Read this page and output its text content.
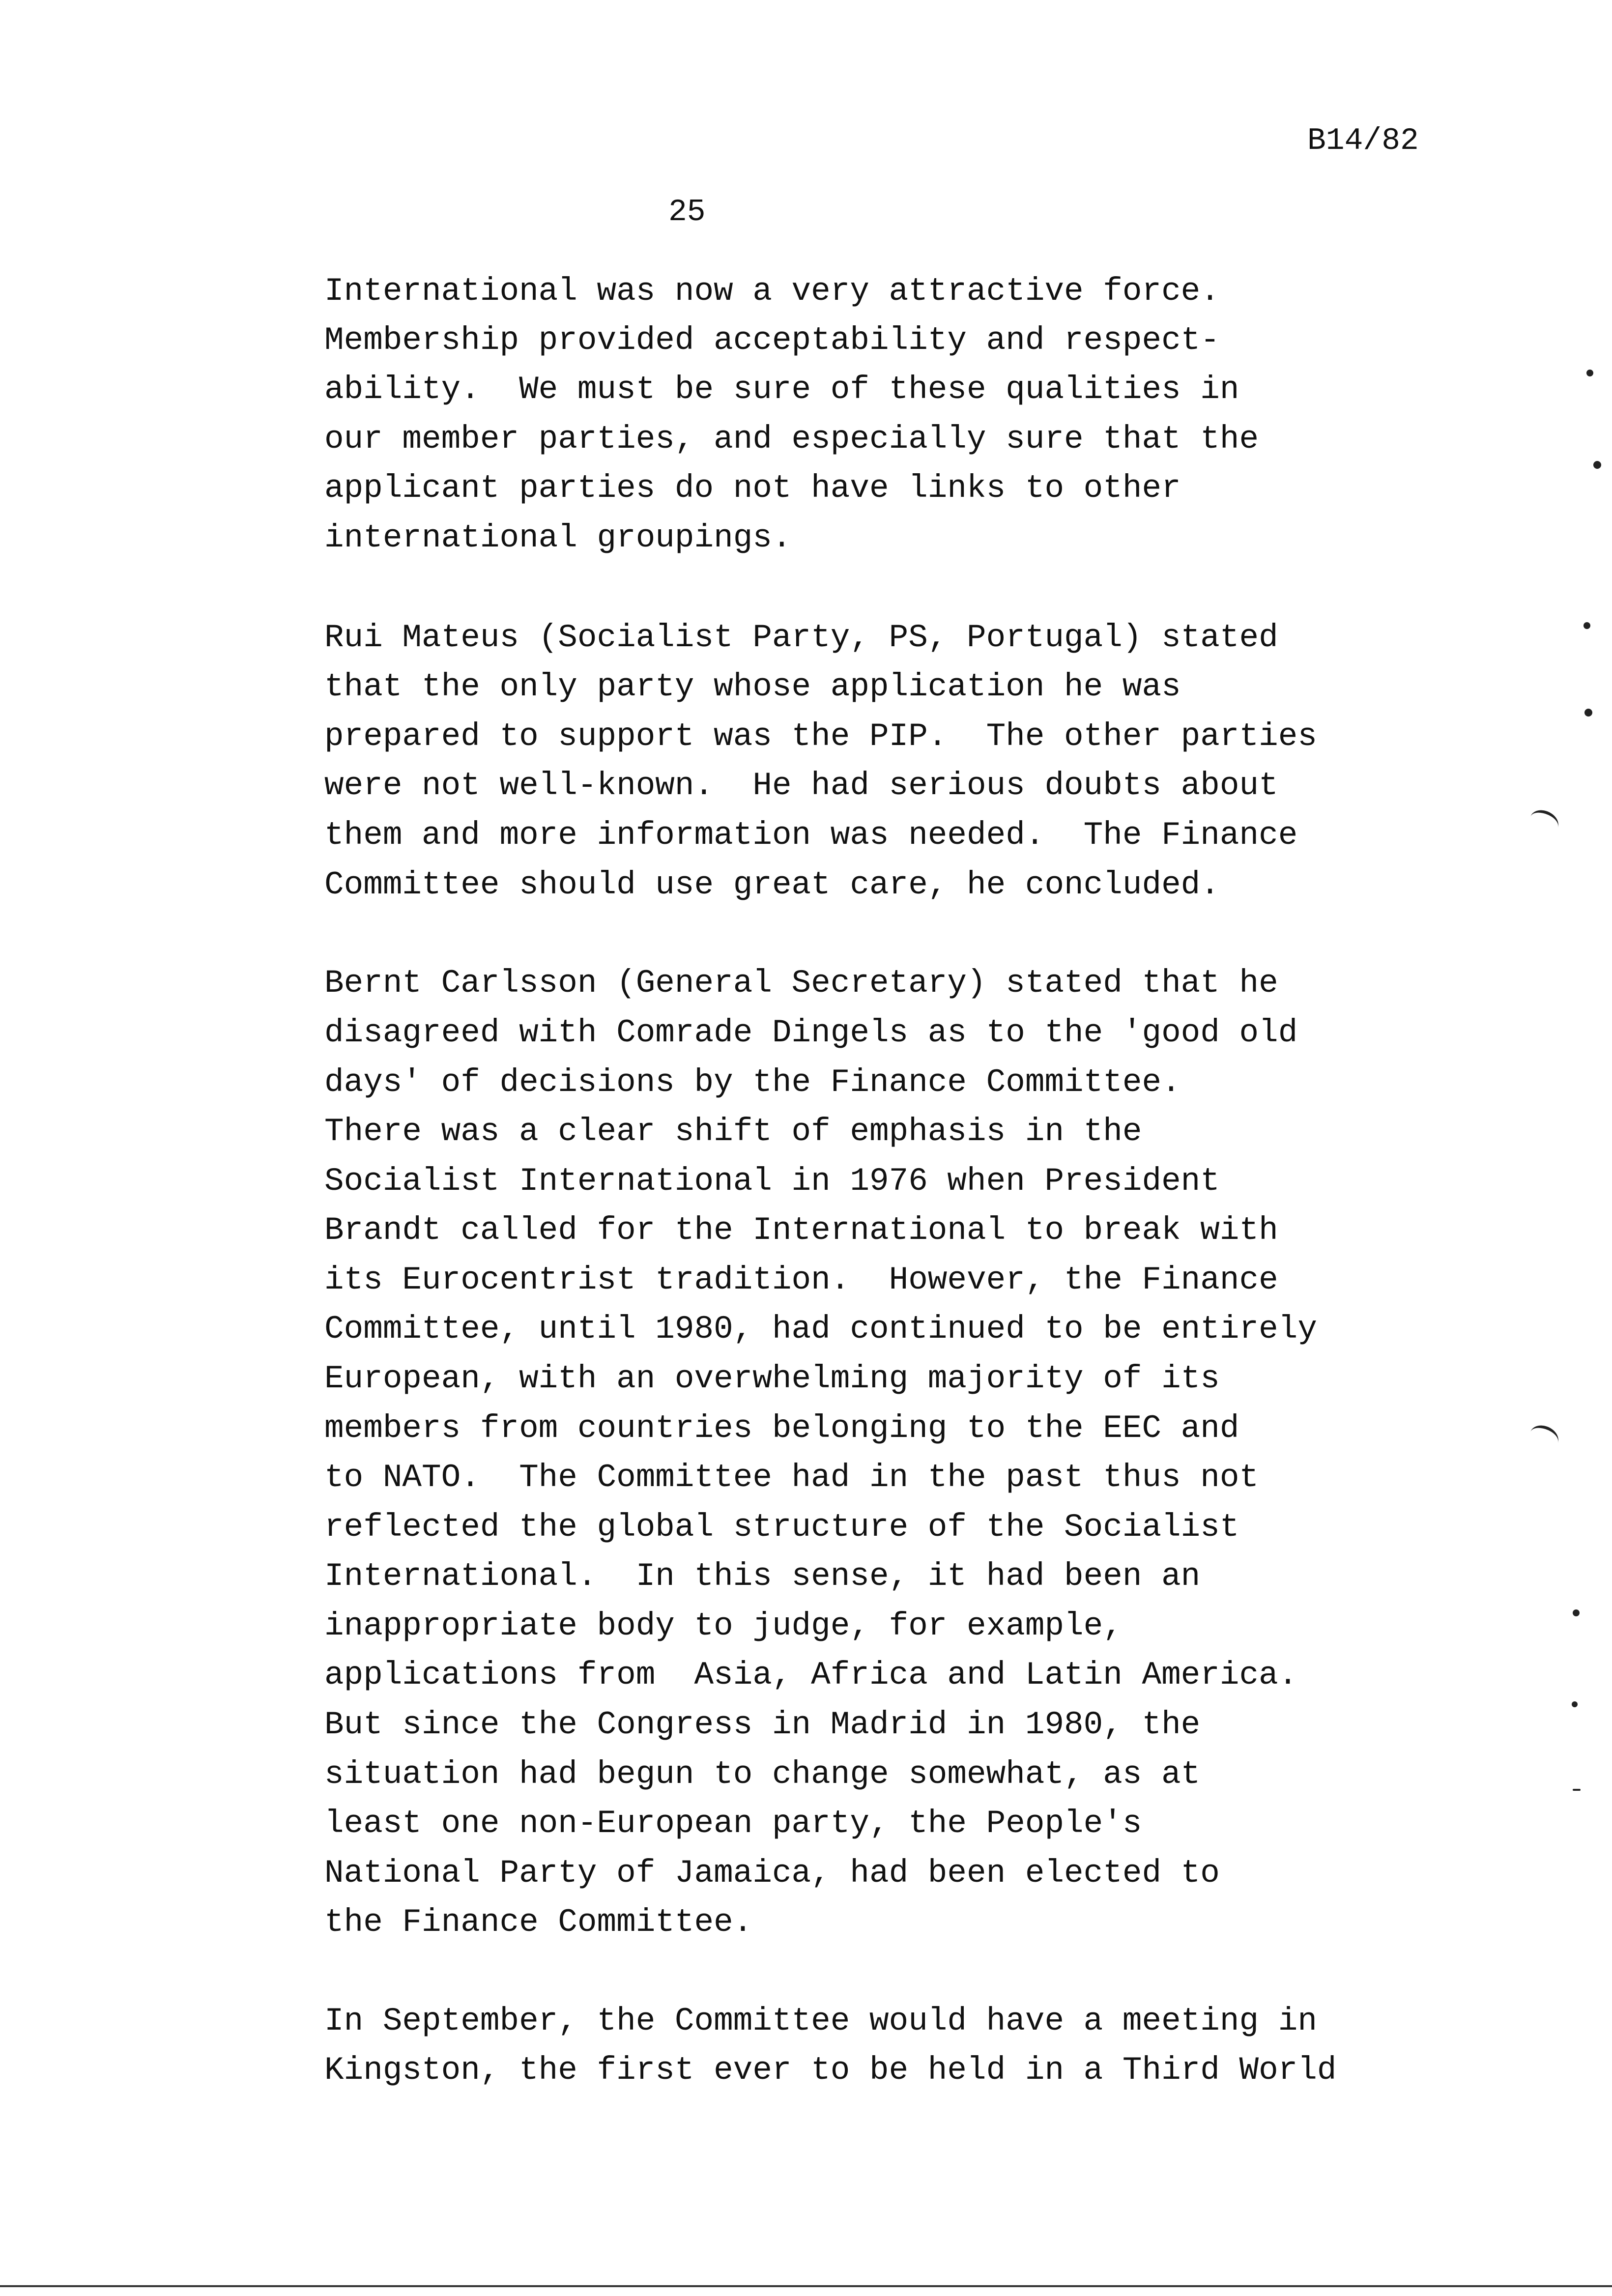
B14/82
25
International was now a very attractive force.
Membership provided acceptability and respect-
ability.  We must be sure of these qualities in
our member parties, and especially sure that the
applicant parties do not have links to other
international groupings.
Rui Mateus (Socialist Party, PS, Portugal) stated
that the only party whose application he was
prepared to support was the PIP.  The other parties
were not well-known.  He had serious doubts about
them and more information was needed.  The Finance
Committee should use great care, he concluded.
Bernt Carlsson (General Secretary) stated that he
disagreed with Comrade Dingels as to the 'good old
days' of decisions by the Finance Committee.
There was a clear shift of emphasis in the
Socialist International in 1976 when President
Brandt called for the International to break with
its Eurocentrist tradition.  However, the Finance
Committee, until 1980, had continued to be entirely
European, with an overwhelming majority of its
members from countries belonging to the EEC and
to NATO.  The Committee had in the past thus not
reflected the global structure of the Socialist
International.  In this sense, it had been an
inappropriate body to judge, for example,
applications from  Asia, Africa and Latin America.
But since the Congress in Madrid in 1980, the
situation had begun to change somewhat, as at
least one non-European party, the People's
National Party of Jamaica, had been elected to
the Finance Committee.
In September, the Committee would have a meeting in
Kingston, the first ever to be held in a Third World
